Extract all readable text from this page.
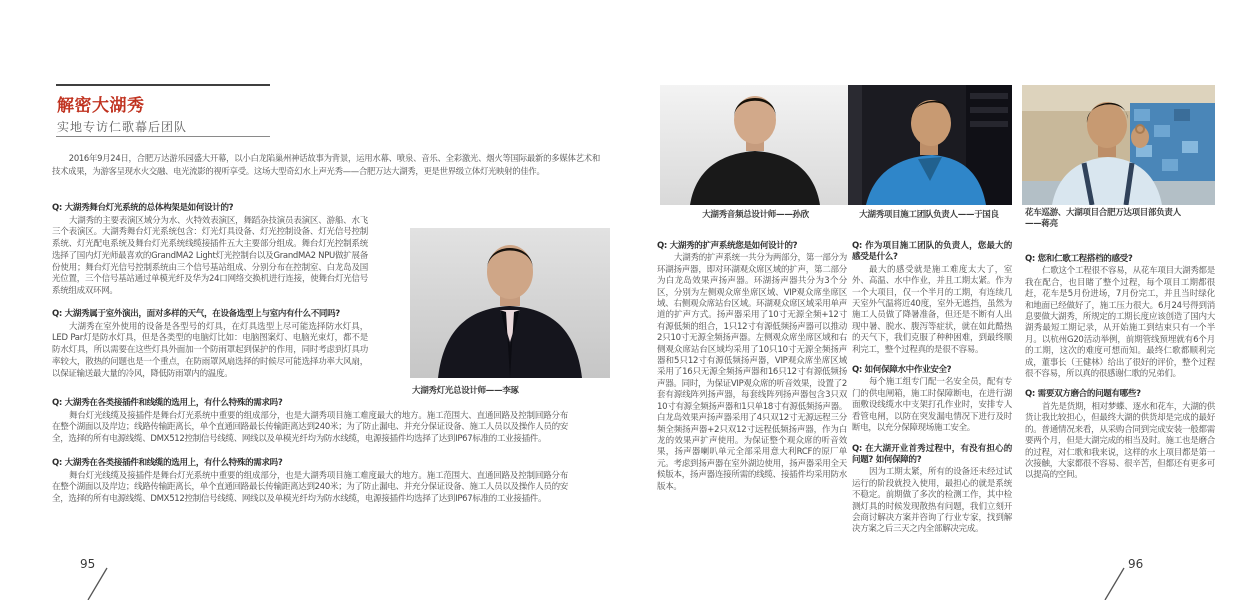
解密大湖秀
实地专访仁歌幕后团队
2016年9月24日，合肥万达游乐园盛大开幕，以小白龙陷巢州神话故事为背景，运用水幕、喷泉、音乐、全彩激光、烟火等国际最新的多媒体艺术和技术成果，为游客呈现水火交融、电光流影的视听享受。这场大型奇幻水上声光秀——合肥万达大湖秀，更是世界级立体灯光映射的佳作。

Q: 大湖秀舞台灯光系统的总体构架是如何设计的?

大湖秀的主要表演区域分为水、火特效表演区，舞蹈杂技演员表演区、游船、水飞三个表演区。大湖秀舞台灯光系统包含：灯光灯具设备、灯光控制设备、灯光信号控制系统、灯光配电系统及舞台灯光系统线缆接插件五大主要部分组成。舞台灯光控制系统选择了国内灯光师最喜欢的GrandMA2 Light灯光控制台以及GrandMA2 NPU做扩展备份使用；舞台灯光信号控制系统由三个信号基站组成、分别分布在控制室、白龙岛及国光位置，三个信号基站通过单模光纤及华为24口网络交换机进行连接，使舞台灯光信号系统组成双环网。

Q: 大湖秀属于室外演出，面对多样的天气，在设备选型上与室内有什么不同吗?

大湖秀在室外使用的设备是各型号的灯具，在灯具选型上尽可能选择防水灯具，LED Par灯是防水灯具，但是各类型的电脑灯比如：电脑图案灯、电脑光束灯，都不是防水灯具，所以需要在这些灯具外面加一个防雨罩起到保护的作用，同时考虑到灯具功率较大，散热的问题也是一个重点，在防雨罩风扇选择的时候尽可能选择功率大风扇，以保证输送最大量的冷风，降低防雨罩内的温度。

Q: 大湖秀在各类接插件和线缆的选用上，有什么特殊的需求吗?

舞台灯光线缆及接插件是舞台灯光系统中重要的组成部分，也是大湖秀项目施工难度最大的地方。施工范围大、直通回路及控制回路分布在整个湖面以及岸边；线路传输距离长，单个直通回路最长传输距离达到240米；为了防止漏电、并充分保证设备、施工人员以及操作人员的安全，选择的所有电源线缆、DMX512控制信号线缆、网线以及单模光纤均为防水线缆，电源接插件均选择了达到IP67标准的工业接插件。

Q: 大湖秀在各类接插件和线缆的选用上，有什么特殊的需求吗?

舞台灯光线缆及接插件是舞台灯光系统中重要的组成部分，也是大湖秀项目施工难度最大的地方。施工范围大、直通回路及控制回路分布在整个湖面以及岸边；线路传输距离长，单个直通回路最长传输距离达到240米；为了防止漏电、并充分保证设备、施工人员以及操作人员的安全，选择的所有电源线缆、DMX512控制信号线缆、网线以及单模光纤均为防水线缆，电源接插件均选择了达到IP67标准的工业接插件。

大湖秀灯光总设计师——李琢
95
大湖秀音频总设计师——孙欣	大湖秀项目施工团队负责人——于国良	花车巡游、大湖项目合肥万达项目部负责人——蒋亮

Q: 大湖秀的扩声系统您是如何设计的?

大湖秀的扩声系统一共分为两部分，第一部分为环湖扬声器，即对环湖观众席区域的扩声，第二部分为白龙岛效果声扬声器。环湖扬声器共分为3个分区，分别为左侧观众席坐席区域、VIP观众席坐席区域、右侧观众席站台区域。环湖观众席区域采用单声道的扩声方式。扬声器采用了10寸无源全频+12寸有源低频的组合，1只12寸有源低频扬声器可以推动2只10寸无源全频扬声器。左侧观众席坐席区域和右侧观众席站台区域均采用了10只10寸无源全频扬声器和5只12寸有源低频扬声器，VIP观众席坐席区域采用了16只无源全频扬声器和16只12寸有源低频扬声器。同时，为保证VIP观众席的听音效果，设置了2套有源线阵列扬声器，每套线阵列扬声器包含3只双10寸有源全频扬声器和1只单18寸有源低频扬声器。白龙岛效果声扬声器采用了4只双12寸无源远程三分频全频扬声器+2只双12寸远程低频扬声器，作为白龙的效果声扩声使用。为保证整个观众席的听音效果，扬声器喇叭单元全部采用意大利RCF的原厂单元。考虑到扬声器在室外湖边使用，扬声器采用全天候版本，扬声器连接所需的线缆、接插件均采用防水版本。

Q: 作为项目施工团队的负责人，您最大的感受是什么?

最大的感受就是施工难度太大了，室外、高温、水中作业，并且工期太紧。作为一个大项目，仅一个半月的工期，有连续几天室外气温将近40度，室外无遮挡，虽然为施工人员做了降暑准备，但还是不断有人出现中暑、脱水、腹泻等症状，就在如此酷热的天气下，我们克服了种种困难，到最终顺利完工，整个过程真的是很不容易。

Q: 如何保障水中作业安全?

每个施工组专门配一名安全员，配有专门的供电闸箱，施工时保障断电，在进行湖面敷设线缆水中支架打孔作业时，安排专人看管电闸，以防在突发漏电情况下进行及时断电，以充分保障现场施工安全。

Q: 在大湖开业首秀过程中，有没有担心的问题? 如何保障的?

因为工期太紧，所有的设备还未经过试运行的阶段就投入使用，最担心的就是系统不稳定。前期做了多次的检测工作，其中检测灯具的时候发现散热有问题，我们立刻开会商讨解决方案并咨询了行业专家，找到解决方案之后三天之内全部解决完成。

Q: 您和仁歌工程搭档的感受?

仁歌这个工程很不容易，从花车项目大湖秀都是我在配合，也目睹了整个过程，每个项目工期都很赶，花车是5月份进场，7月份完工，并且当时绿化和地面已经做好了，施工压力很大。6月24号得到消息要做大湖秀，所规定的工期长度应该创造了国内大湖秀最短工期记录，从开始施工到结束只有一个半月。以杭州G20活动举例，前期管线预埋就有6个月的工期，这次的难度可想而知。最终仁歌都顺利完成，董事长（王健林）给出了很好的评价，整个过程很不容易，所以真的很感谢仁歌的兄弟们。

Q: 需要双方磨合的问题有哪些?

首先是货期，相对梦蝶、逐水和花车，大湖的供货让我比较担心，但最终大湖的供货却是完成的最好的。普通情况来看，从采购合同到完成安装一般都需要两个月，但是大湖完成的相当及时。施工也是磨合的过程，对仁歌和我来说，这样的水上项目都是第一次接触，大家都很不容易、很辛苦，但都还有更多可以提高的空间。

96
